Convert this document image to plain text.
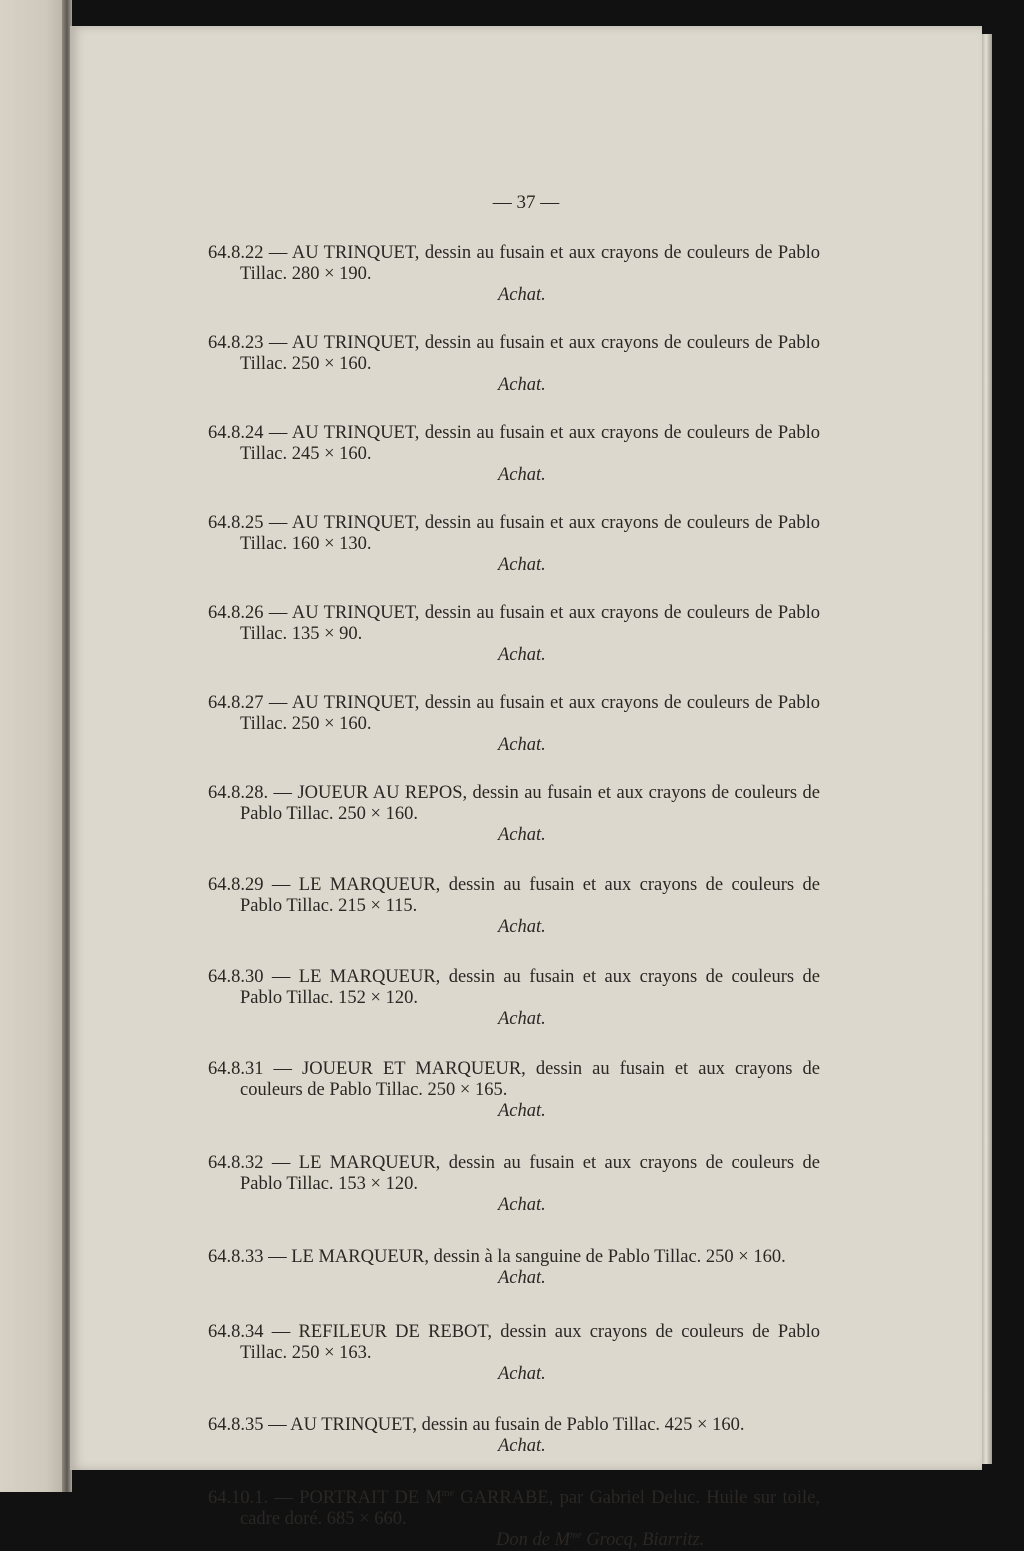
— 37 —

64.8.22 — AU TRINQUET, dessin au fusain et aux crayons de couleurs de Pablo Tillac. 280 × 190.

Achat.

64.8.23 — AU TRINQUET, dessin au fusain et aux crayons de couleurs de Pablo Tillac. 250 × 160.

Achat.

64.8.24 — AU TRINQUET, dessin au fusain et aux crayons de couleurs de Pablo Tillac. 245 × 160.

Achat.

64.8.25 — AU TRINQUET, dessin au fusain et aux crayons de couleurs de Pablo Tillac. 160 × 130.

Achat.

64.8.26 — AU TRINQUET, dessin au fusain et aux crayons de couleurs de Pablo Tillac. 135 × 90.

Achat.

64.8.27 — AU TRINQUET, dessin au fusain et aux crayons de couleurs de Pablo Tillac. 250 × 160.

Achat.

64.8.28. — JOUEUR AU REPOS, dessin au fusain et aux crayons de couleurs de Pablo Tillac. 250 × 160.

Achat.

64.8.29 — LE MARQUEUR, dessin au fusain et aux crayons de couleurs de Pablo Tillac. 215 × 115.

Achat.

64.8.30 — LE MARQUEUR, dessin au fusain et aux crayons de couleurs de Pablo Tillac. 152 × 120.

Achat.

64.8.31 — JOUEUR ET MARQUEUR, dessin au fusain et aux crayons de couleurs de Pablo Tillac. 250 × 165.

Achat.

64.8.32 — LE MARQUEUR, dessin au fusain et aux crayons de couleurs de Pablo Tillac. 153 × 120.

Achat.

64.8.33 — LE MARQUEUR, dessin à la sanguine de Pablo Tillac. 250 × 160.

Achat.

64.8.34 — REFILEUR DE REBOT, dessin aux crayons de couleurs de Pablo Tillac. 250 × 163.

Achat.

64.8.35 — AU TRINQUET, dessin au fusain de Pablo Tillac. 425 × 160.

Achat.

64.10.1. — PORTRAIT DE $M^{me}$ GARRABE, par Gabriel Deluc. Huile sur toile, cadre doré. 685 × 660.

Don de $M^{me}$ Grocq, Biarritz.
